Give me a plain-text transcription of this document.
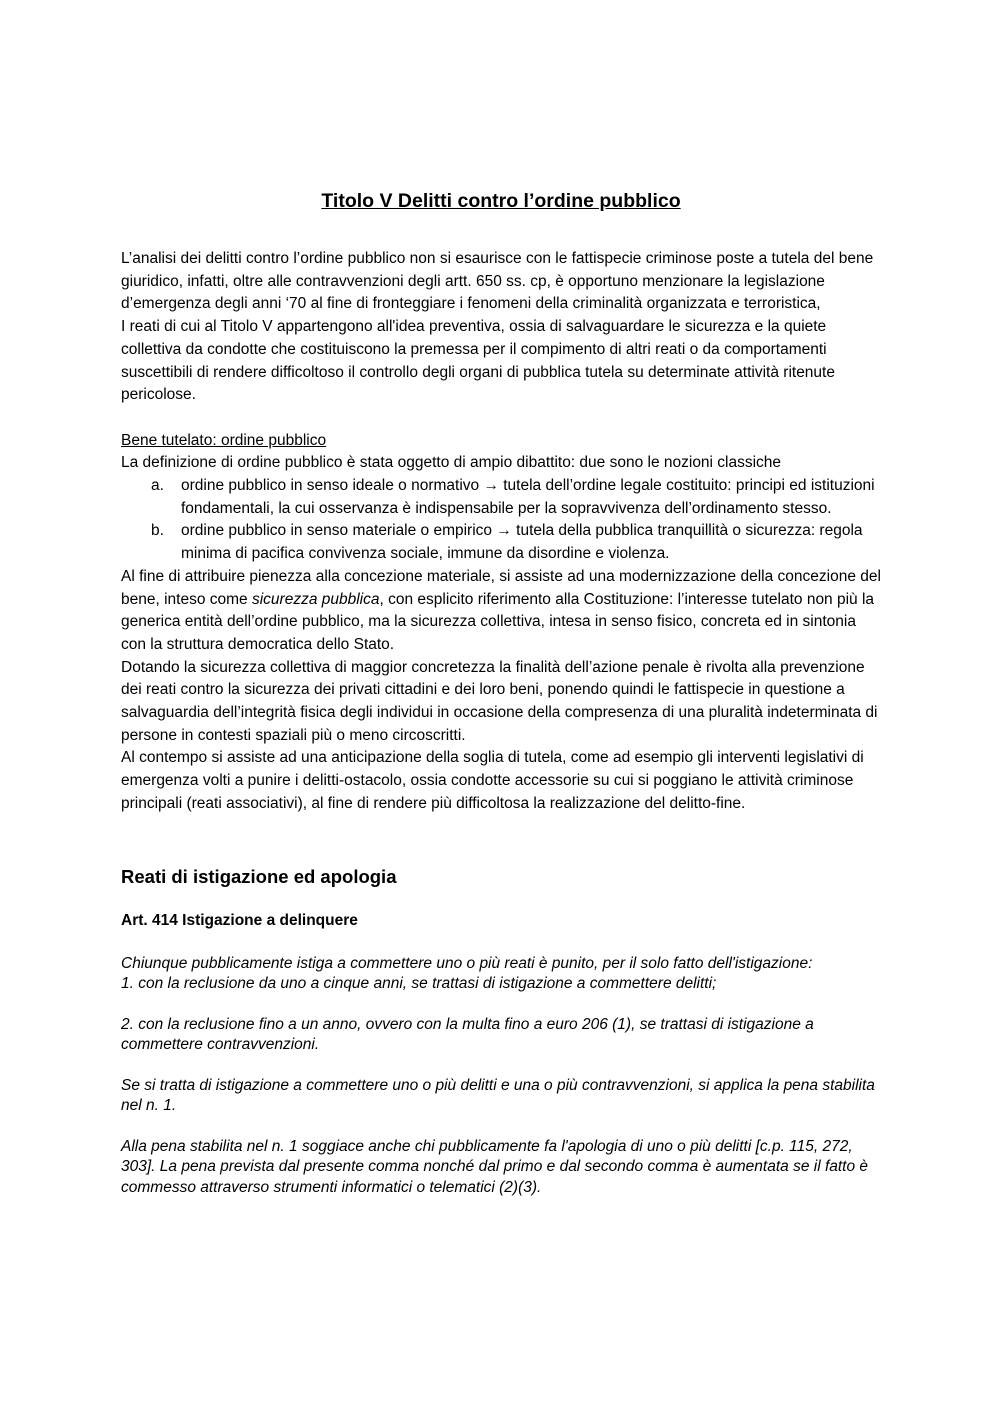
Titolo V Delitti contro l’ordine pubblico

L’analisi dei delitti contro l’ordine pubblico non si esaurisce con le fattispecie criminose poste a tutela del bene giuridico, infatti, oltre alle contravvenzioni degli artt. 650 ss. cp, è opportuno menzionare la legislazione d’emergenza degli anni ‘70 al fine di fronteggiare i fenomeni della criminalità organizzata e terroristica,

I reati di cui al Titolo V appartengono all'idea preventiva, ossia di salvaguardare le sicurezza e la quiete collettiva da condotte che costituiscono la premessa per il compimento di altri reati o da comportamenti suscettibili di rendere difficoltoso il controllo degli organi di pubblica tutela su determinate attività ritenute pericolose.

Bene tutelato: ordine pubblico

La definizione di ordine pubblico è stata oggetto di ampio dibattito: due sono le nozioni classiche

a. ordine pubblico in senso ideale o normativo → tutela dell’ordine legale costituito: principi ed istituzioni fondamentali, la cui osservanza è indispensabile per la sopravvivenza dell’ordinamento stesso.
b. ordine pubblico in senso materiale o empirico → tutela della pubblica tranquillità o sicurezza: regola minima di pacifica convivenza sociale, immune da disordine e violenza.

Al fine di attribuire pienezza alla concezione materiale, si assiste ad una modernizzazione della concezione del bene, inteso come sicurezza pubblica, con esplicito riferimento alla Costituzione: l’interesse tutelato non più la generica entità dell’ordine pubblico, ma la sicurezza collettiva, intesa in senso fisico, concreta ed in sintonia con la struttura democratica dello Stato.

Dotando la sicurezza collettiva di maggior concretezza la finalità dell’azione penale è rivolta alla prevenzione dei reati contro la sicurezza dei privati cittadini e dei loro beni, ponendo quindi le fattispecie in questione a salvaguardia dell’integrità fisica degli individui in occasione della compresenza di una pluralità indeterminata di persone in contesti spaziali più o meno circoscritti.

Al contempo si assiste ad una anticipazione della soglia di tutela, come ad esempio gli interventi legislativi di emergenza volti a punire i delitti-ostacolo, ossia condotte accessorie su cui si poggiano le attività criminose principali (reati associativi), al fine di rendere più difficoltosa la realizzazione del delitto-fine.

Reati di istigazione ed apologia
Art. 414 Istigazione a delinquere

Chiunque pubblicamente istiga a commettere uno o più reati è punito, per il solo fatto dell'istigazione:

1. con la reclusione da uno a cinque anni, se trattasi di istigazione a commettere delitti;

2. con la reclusione fino a un anno, ovvero con la multa fino a euro 206 (1), se trattasi di istigazione a commettere contravvenzioni.

Se si tratta di istigazione a commettere uno o più delitti e una o più contravvenzioni, si applica la pena stabilita nel n. 1.

Alla pena stabilita nel n. 1 soggiace anche chi pubblicamente fa l'apologia di uno o più delitti [c.p. 115, 272, 303]. La pena prevista dal presente comma nonché dal primo e dal secondo comma è aumentata se il fatto è commesso attraverso strumenti informatici o telematici (2)(3).
